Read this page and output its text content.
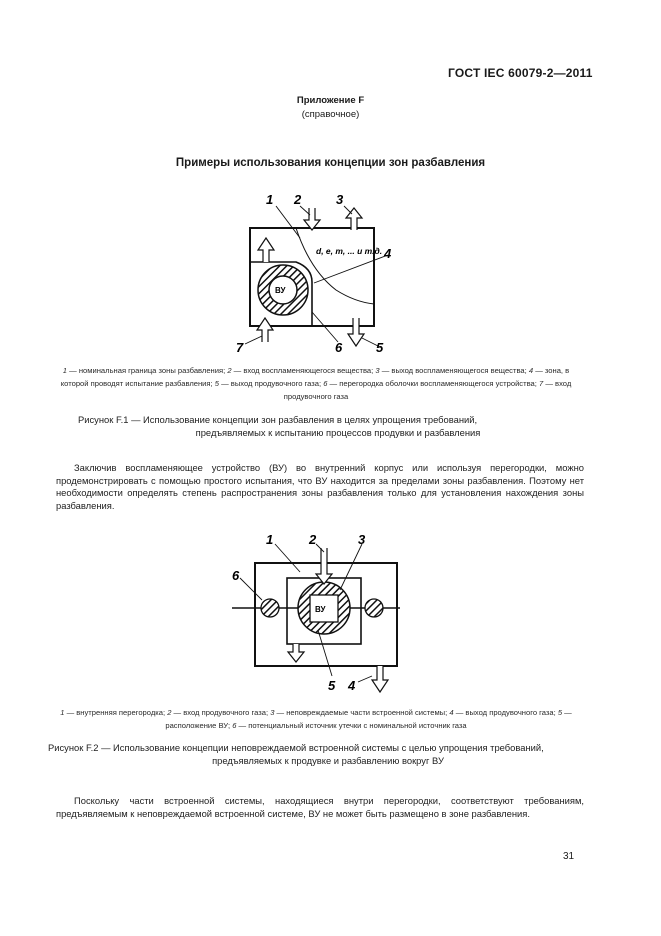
ГОСТ IEC 60079-2—2011
Приложение F
(справочное)
Примеры использования концепции зон разбавления
1 2	3
4
5
6
7
d, e, m, ... и т.д.
ВУ
1	2	3
4
5
6
ВУ
1 — номинальная граница зоны разбавления; 2 — вход воспламеняющегося вещества; 3 — выход воспламеняющегося вещества; 4 — зона, в которой проводят испытание разбавления; 5 — выход продувочного газа; 6 — перегородка оболочки воспламеняющегося устройства; 7 — вход продувочного газа
Рисунок F.1 — Использование концепции зон разбавления в целях упрощения требований,
предъявляемых к испытанию процессов продувки и разбавления
Заключив воспламеняющее устройство (ВУ) во внутренний корпус или используя перегородки, можно продемонстрировать с помощью простого испытания, что ВУ находится за пределами зоны разбавления. Поэтому нет необходимости определять степень распространения зоны разбавления только для установления нахождения зоны разбавления.
1 — внутренняя перегородка; 2 — вход продувочного газа; 3 — неповреждаемые части встроенной системы; 4 — выход продувочного газа; 5 — расположение ВУ; 6 — потенциальный источник утечки с номинальной источник газа
Рисунок F.2 — Использование концепции неповреждаемой встроенной системы с целью упрощения требований,
предъявляемых к продувке и разбавлению вокруг ВУ
Поскольку части встроенной системы, находящиеся внутри перегородки, соответствуют требованиям, предъявляемым к неповреждаемой встроенной системе, ВУ не может быть размещено в зоне разбавления.
31
